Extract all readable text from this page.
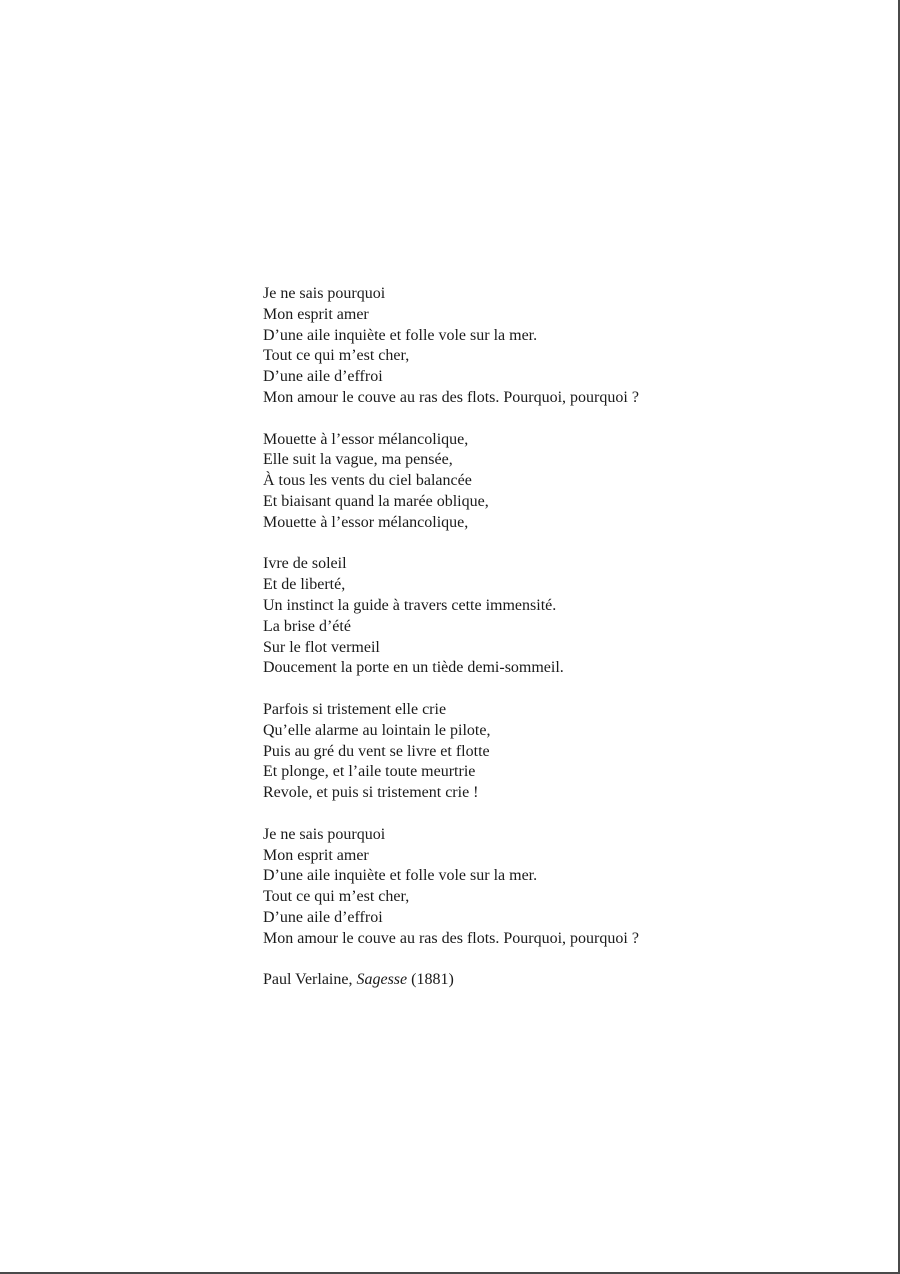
Je ne sais pourquoi
Mon esprit amer
D’une aile inquiète et folle vole sur la mer.
Tout ce qui m’est cher,
D’une aile d’effroi
Mon amour le couve au ras des flots. Pourquoi, pourquoi ?
Mouette à l’essor mélancolique,
Elle suit la vague, ma pensée,
À tous les vents du ciel balancée
Et biaisant quand la marée oblique,
Mouette à l’essor mélancolique,
Ivre de soleil
Et de liberté,
Un instinct la guide à travers cette immensité.
La brise d’été
Sur le flot vermeil
Doucement la porte en un tiède demi-sommeil.
Parfois si tristement elle crie
Qu’elle alarme au lointain le pilote,
Puis au gré du vent se livre et flotte
Et plonge, et l’aile toute meurtrie
Revole, et puis si tristement crie !
Je ne sais pourquoi
Mon esprit amer
D’une aile inquiète et folle vole sur la mer.
Tout ce qui m’est cher,
D’une aile d’effroi
Mon amour le couve au ras des flots. Pourquoi, pourquoi ?

Paul Verlaine, Sagesse (1881)
